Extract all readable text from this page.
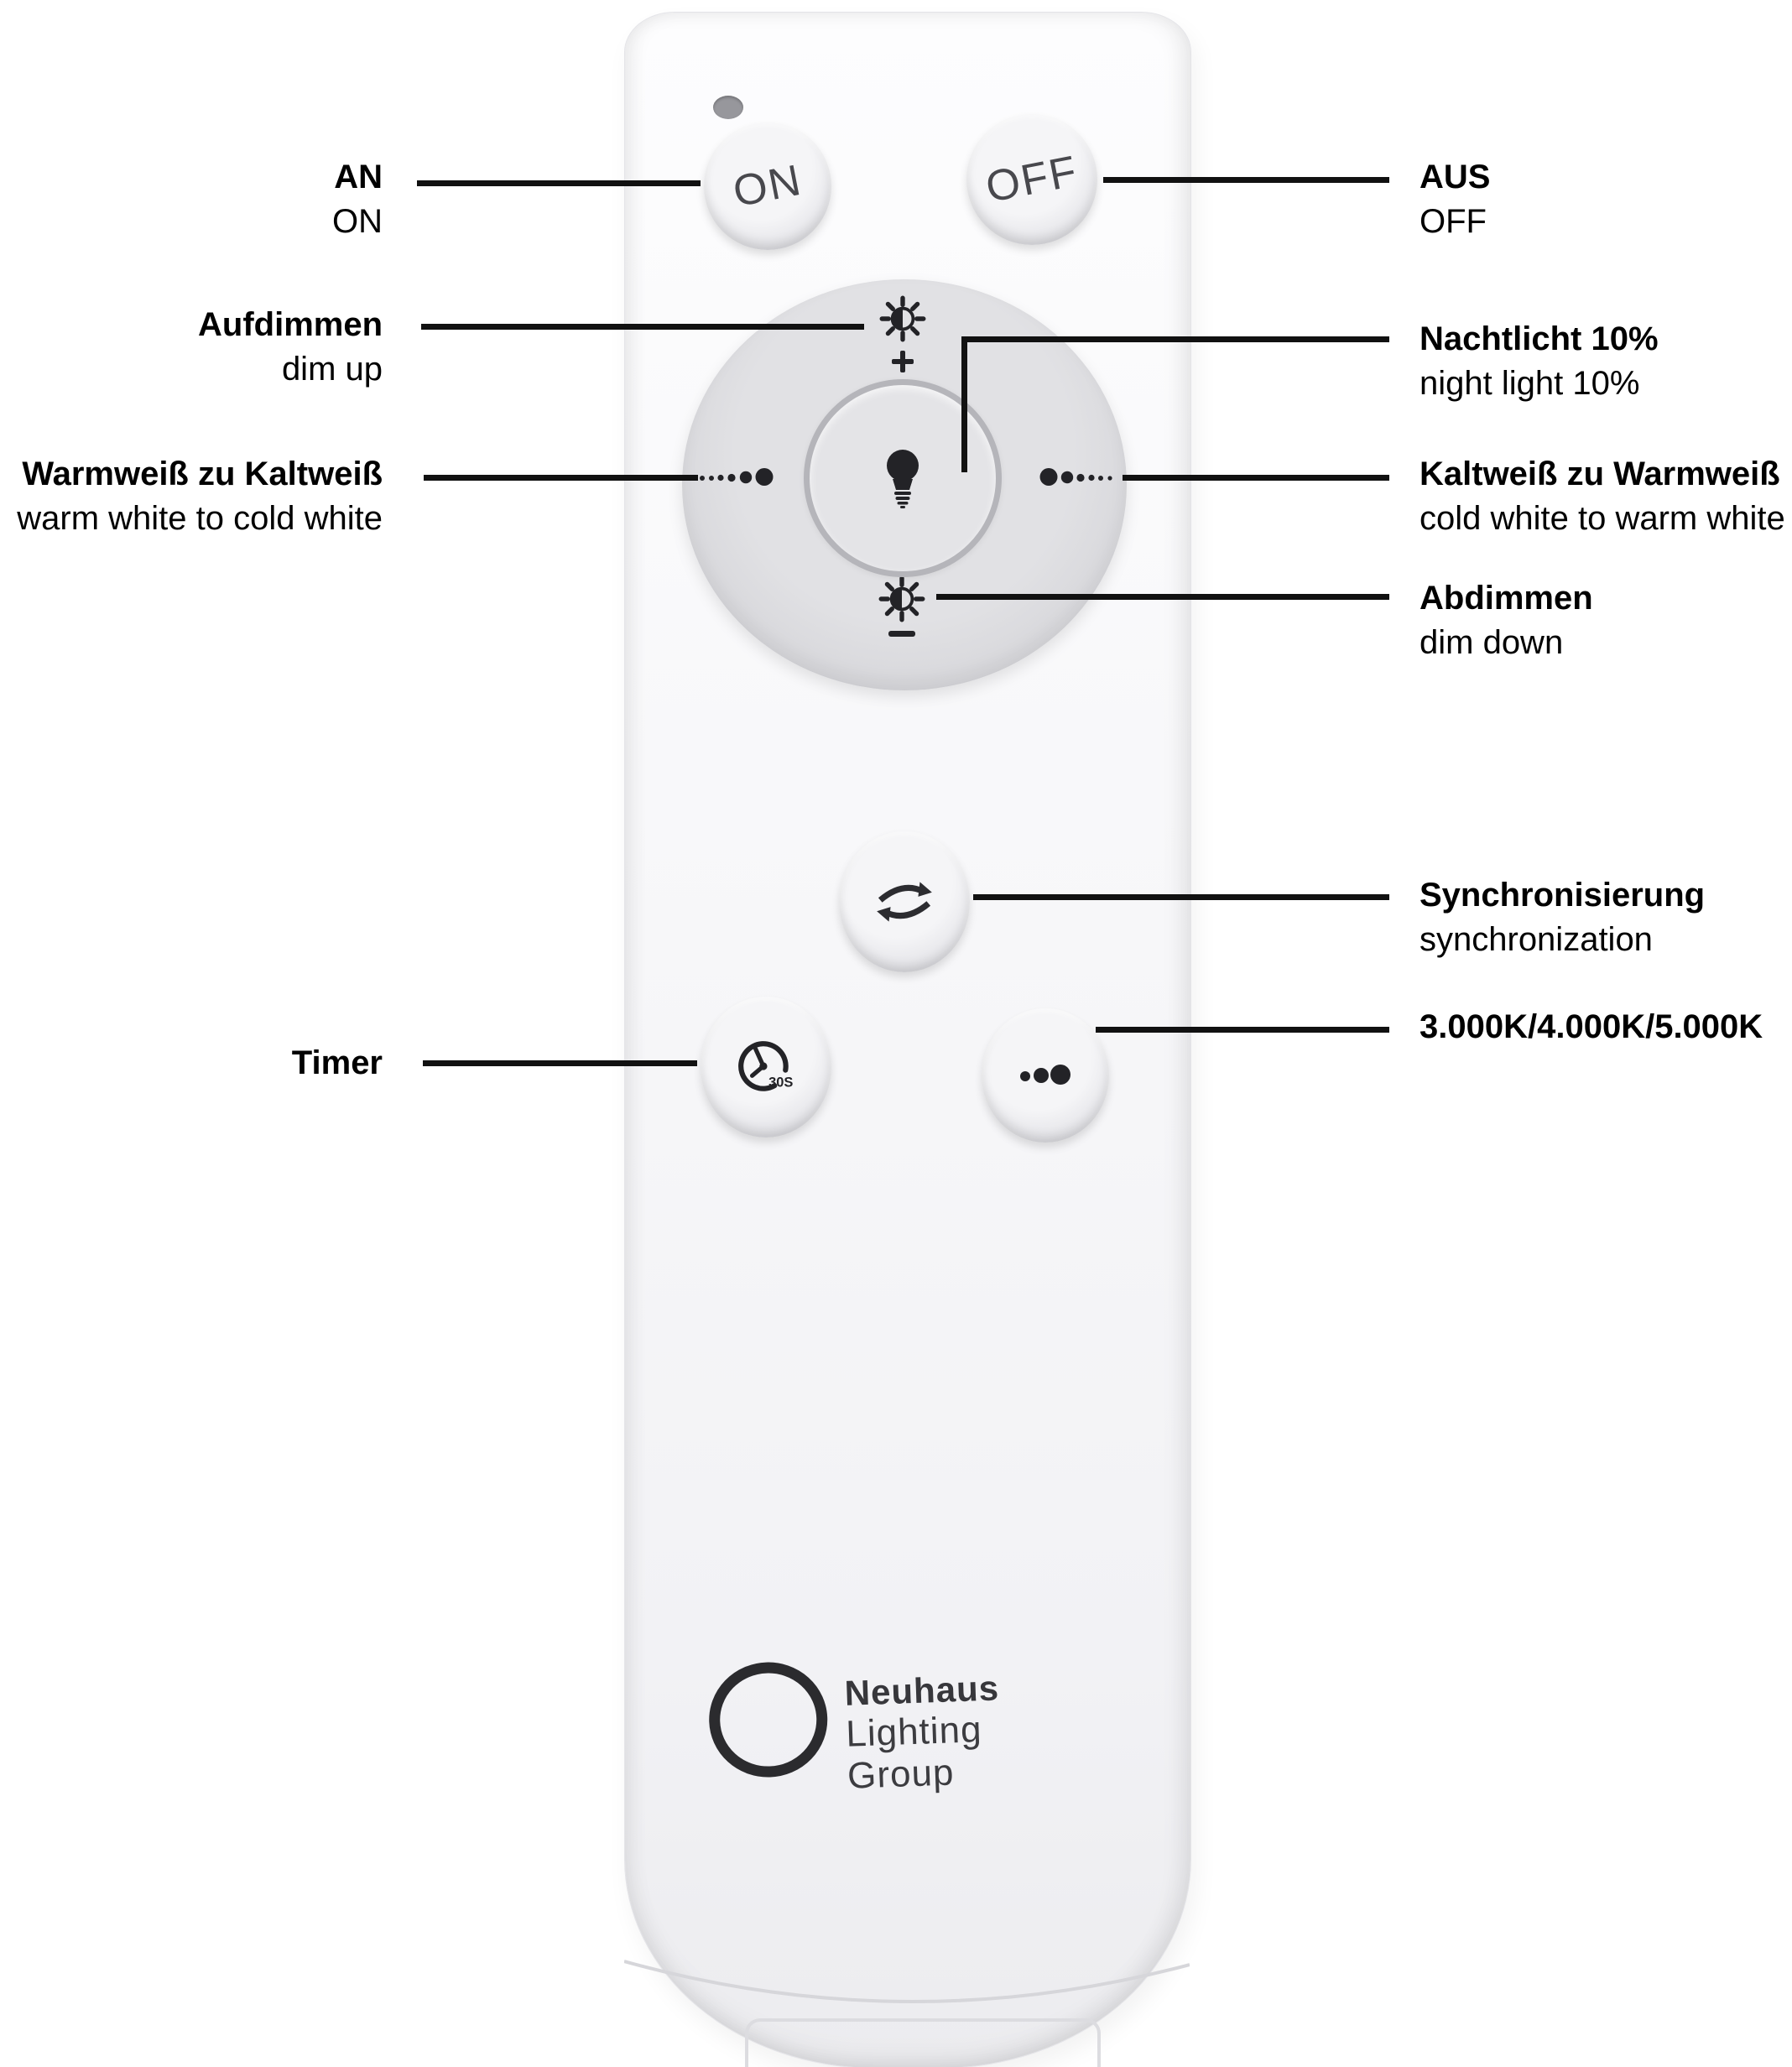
ON	OFF
30S
Neuhaus
Lighting Group
AN
ON
Aufdimmen
dim up
Warmweiß zu Kaltweiß
warm white to cold white
Timer
AUS
OFF
Nachtlicht 10%
night light 10%
Kaltweiß zu Warmweiß
cold white to warm white
Abdimmen
dim down
Synchronisierung
synchronization
3.000K/4.000K/5.000K
